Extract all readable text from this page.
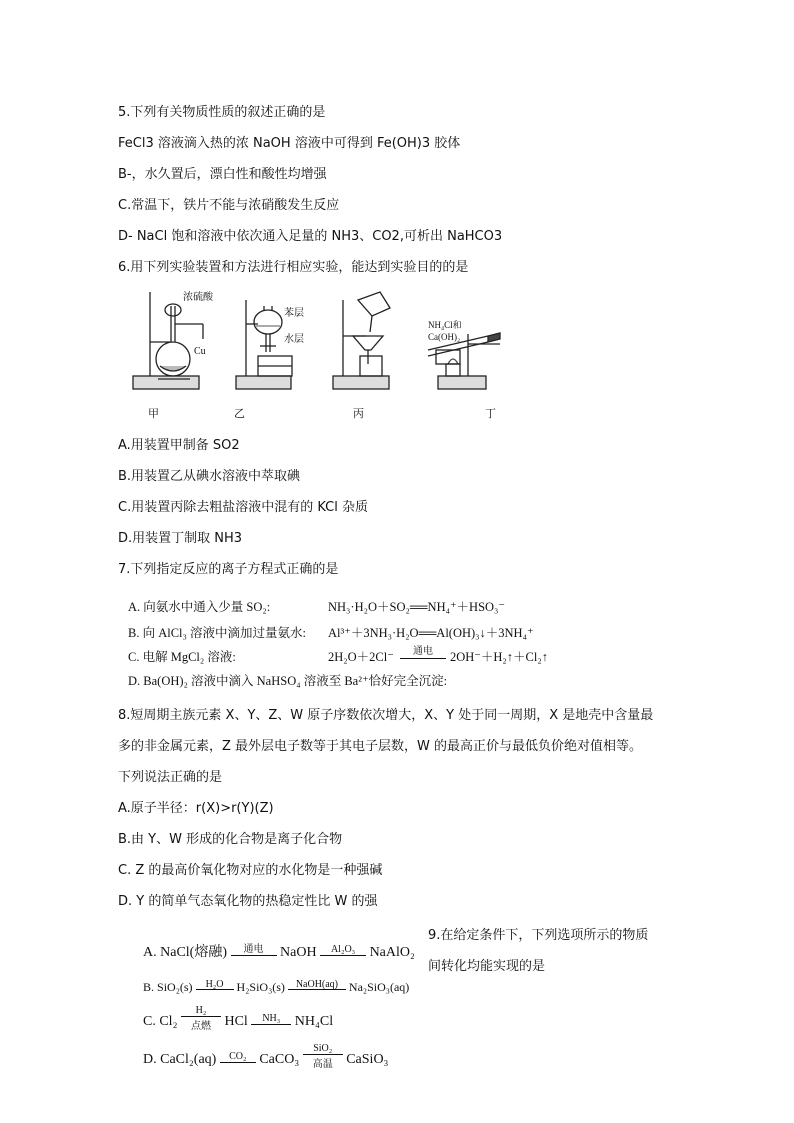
5.下列有关物质性质的叙述正确的是
FeCl3 溶液滴入热的浓 NaOH 溶液中可得到 Fe(OH)3 胶体
B-，水久置后，漂白性和酸性均增强
C.常温下，铁片不能与浓硝酸发生反应
D- NaCl 饱和溶液中依次通入足量的 NH3、CO2,可析出 NaHCO3
6.用下列实验装置和方法进行相应实验，能达到实验目的的是
浓硫酸
Cu
苯层
水层
NH₄Cl和
Ca(OH)₂
甲	乙	丙	丁
A.用装置甲制备 SO2
B.用装置乙从碘水溶液中萃取碘
C.用装置丙除去粗盐溶液中混有的 KCl 杂质
D.用装置丁制取 NH3
7.下列指定反应的离子方程式正确的是
A. 向氨水中通入少量 SO₂:	NH₃·H₂O＋SO₂══NH₄⁺＋HSO₃⁻
B. 向 AlCl₃ 溶液中滴加过量氨水: Al³⁺＋3NH₃·H₂O══Al(OH)₃↓＋3NH₄⁺
C. 电解 MgCl₂ 溶液:	2H₂O＋2Cl⁻	通电	2OH⁻＋H₂↑＋Cl₂↑
D. Ba(OH)₂ 溶液中滴入 NaHSO₄ 溶液至 Ba²⁺恰好完全沉淀:
8.短周期主族元素 X、Y、Z、W 原子序数依次增大，X、Y 处于同一周期，X 是地壳中含量最
多的非金属元素，Z 最外层电子数等于其电子层数，W 的最高正价与最低负价绝对值相等。
下列说法正确的是
A.原子半径：r(X)>r(Y)(Z)
B.由 Y、W 形成的化合物是离子化合物
C. Z 的最高价氧化物对应的水化物是一种强碱
D. Y 的简单气态氧化物的热稳定性比 W 的强
9.在给定条件下，下列选项所示的物质
间转化均能实现的是
A. NaCl(熔融) 通电 NaOH Al₂O₃ NaAlO₂
B. SiO₂(s) H₂O H₂SiO₃(s) NaOH(aq) Na₂SiO₃(aq)
C. Cl₂
H₂
点燃 HCl NH₃ NH₄Cl
D. CaCl₂(aq) CO₂ CaCO₃
SiO₂
高温 CaSiO₃
